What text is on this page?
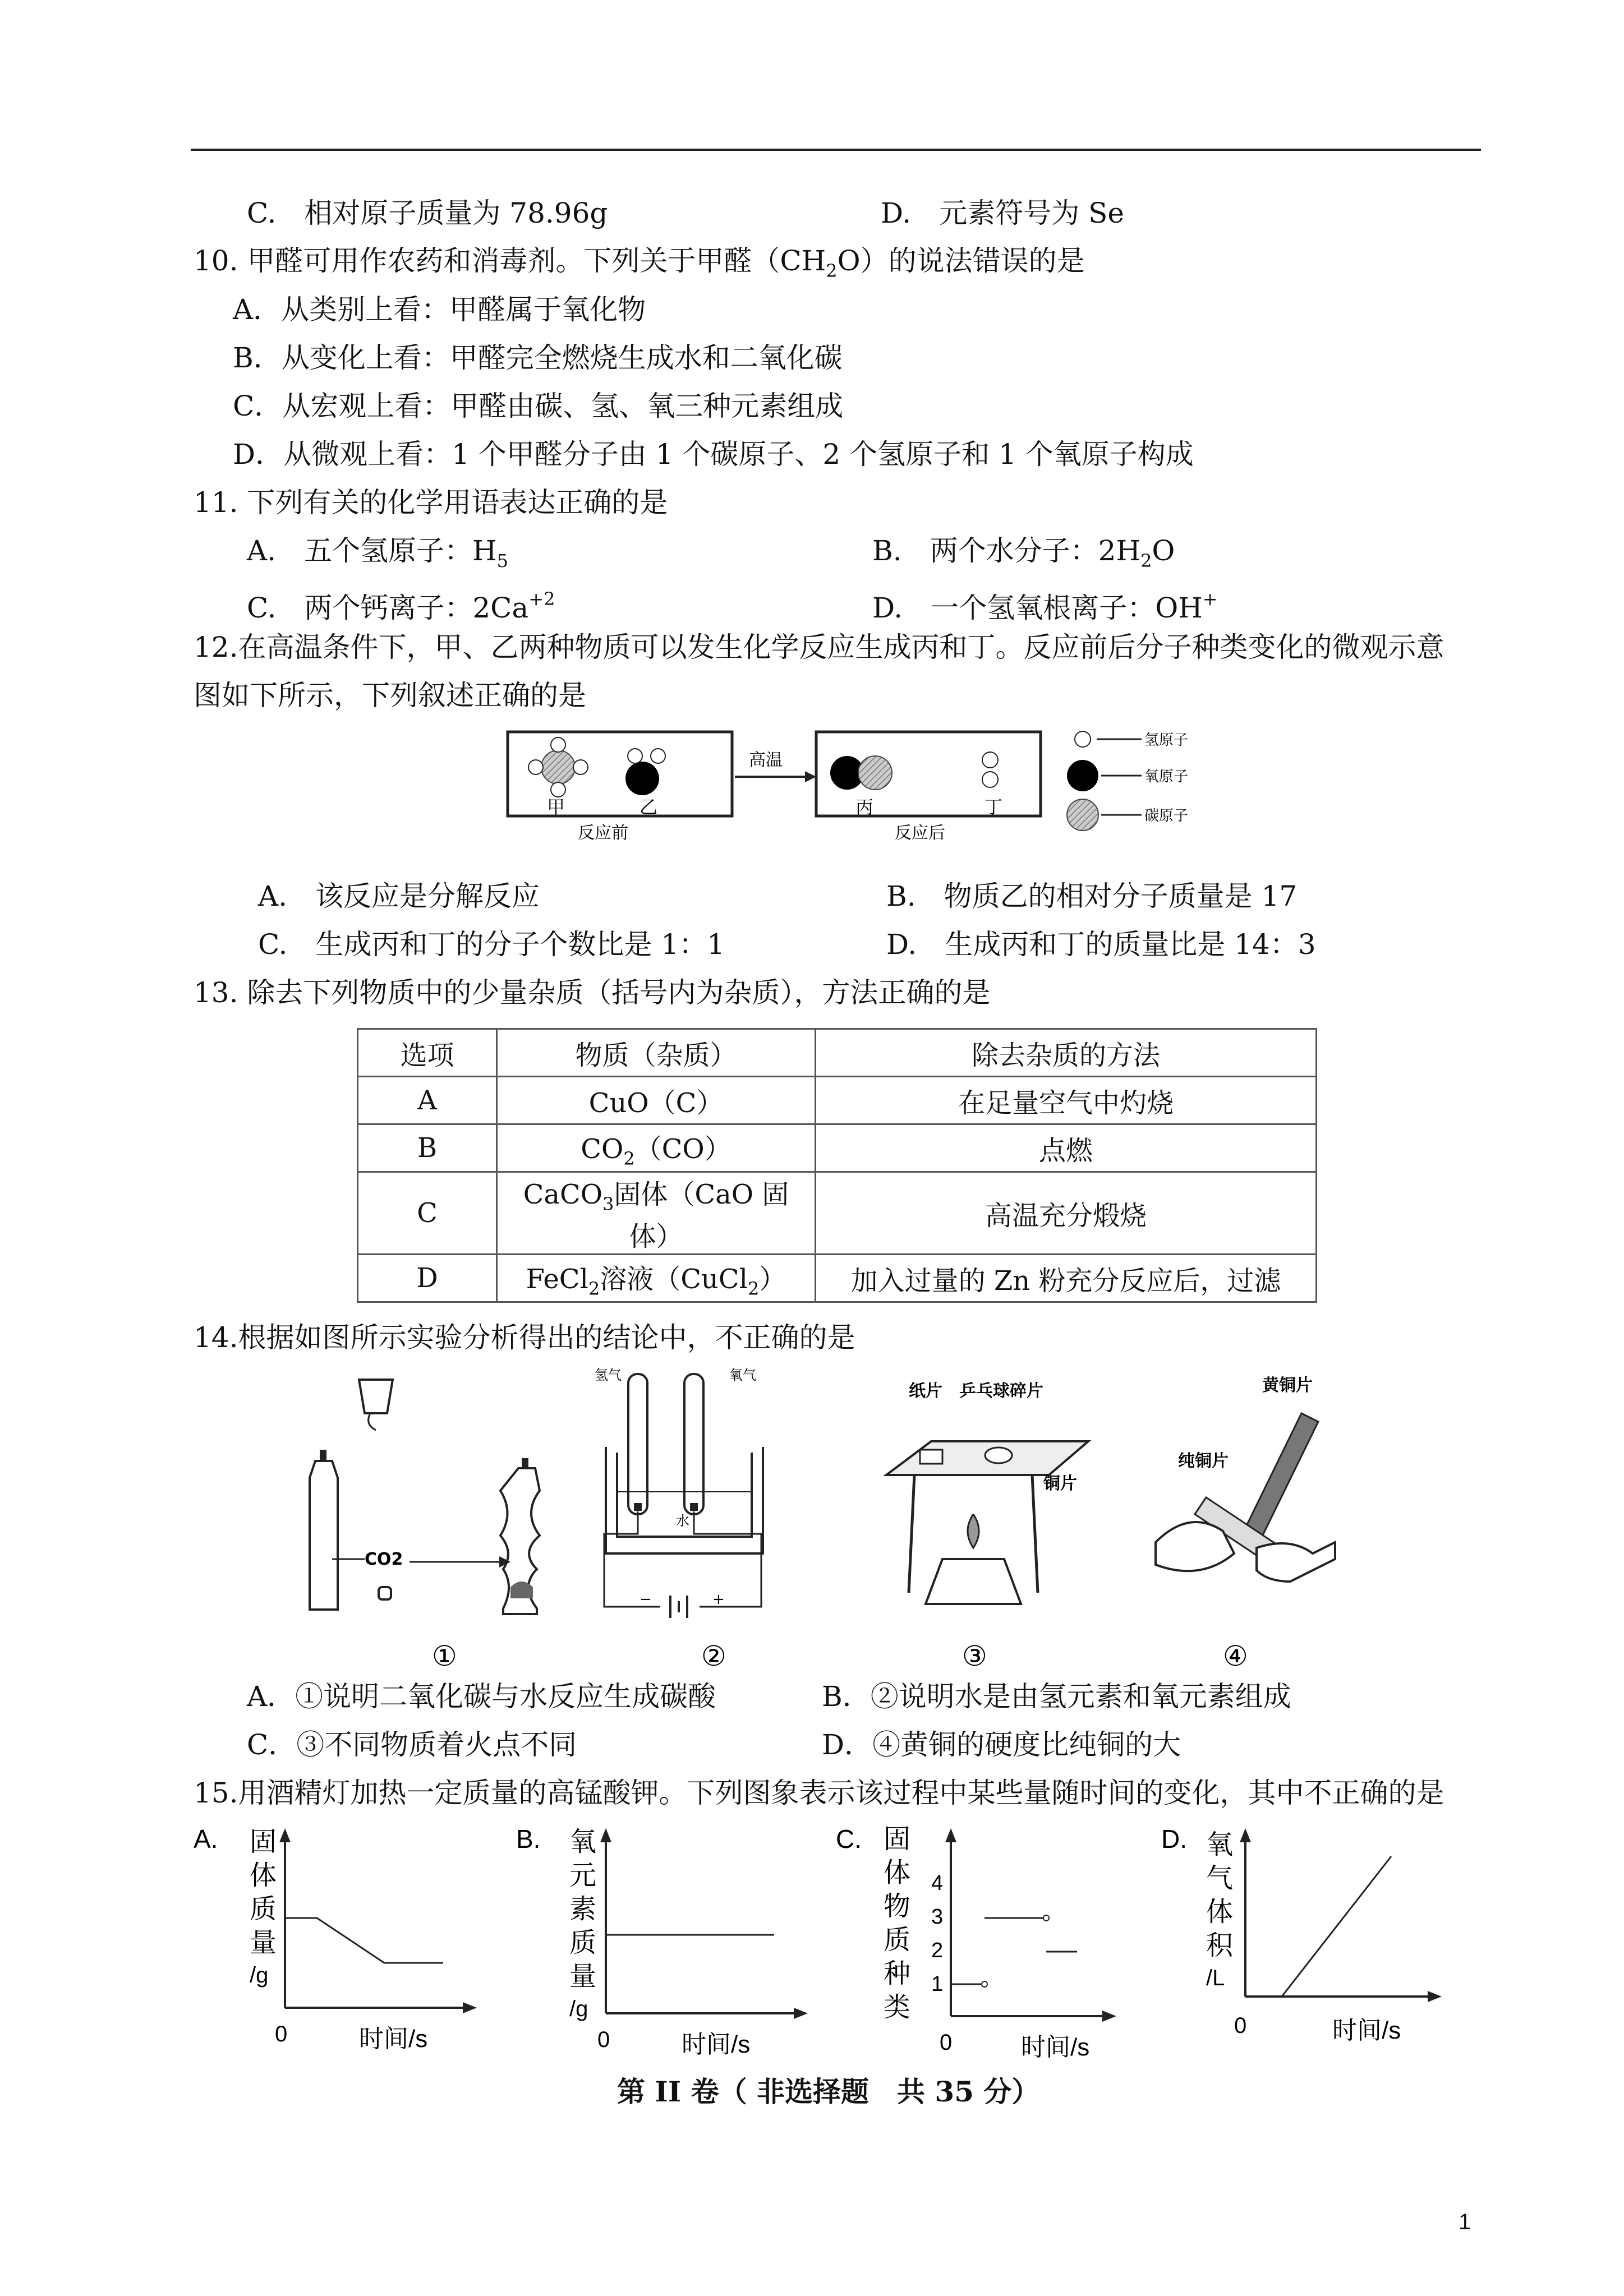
C.　相对原子质量为 78.96g	D.　元素符号为 Se
10. 甲醛可用作农药和消毒剂。下列关于甲醛$(CH_2O)$的说法错误的是
A．从类别上看：甲醛属于氧化物
B．从变化上看：甲醛完全燃烧生成水和二氧化碳
C．从宏观上看：甲醛由碳、氢、氧三种元素组成
D．从微观上看：1 个甲醛分子由 1 个碳原子、2 个氢原子和 1 个氧原子构成
11. 下列有关的化学用语表达正确的是
A.　五个氢原子：$H_5$	B.　两个水分子：$2H_2O$
C.　两个钙离子：$2Ca^{+2}$	D.　一个氢氧根离子：OH+
12.在高温条件下，甲、乙两种物质可以发生化学反应生成丙和丁。反应前后分子种类变化的微观示意
图如下所示，下列叙述正确的是
甲	乙
反应前
高温
丙	丁
反应后
氢原子
氧原子
碳原子
A.　该反应是分解反应	B.　物质乙的相对分子质量是 17
C.　生成丙和丁的分子个数比是 1：1	D.　生成丙和丁的质量比是 14：3
13. 除去下列物质中的少量杂质（括号内为杂质），方法正确的是
选项	物质（杂质）	除去杂质的方法
A	CuO（C）	在足量空气中灼烧
B	$CO_2(CO)$	点燃
C	CaCO$_3$固体（CaO 固体）	高温充分煅烧
D	FeCl$_2$溶液（CuCl$_2$）	加入过量的 Zn 粉充分反应后，过滤
14.根据如图所示实验分析得出的结论中，不正确的是
CO2
①
氢气	氧气
水
−	+
②
纸片 乒乓球碎片
铜片
③
黄铜片
纯铜片
④
A．①说明二氧化碳与水反应生成碳酸	B．②说明水是由氢元素和氧元素组成
C．③不同物质着火点不同	D．④黄铜的硬度比纯铜的大
15.用酒精灯加热一定质量的高锰酸钾。下列图象表示该过程中某些量随时间的变化，其中不正确的是
A. 固
体
质
量
/g
0	时间/s
B. 氧
元
素
质
量
/g
0	时间/s
C. 固
体
物
质
种
类
4
3
2
1
0	时间/s
D. 氧
气
体
积
/L
0	时间/s
第 II 卷（ 非选择题　共 35 分）
1
